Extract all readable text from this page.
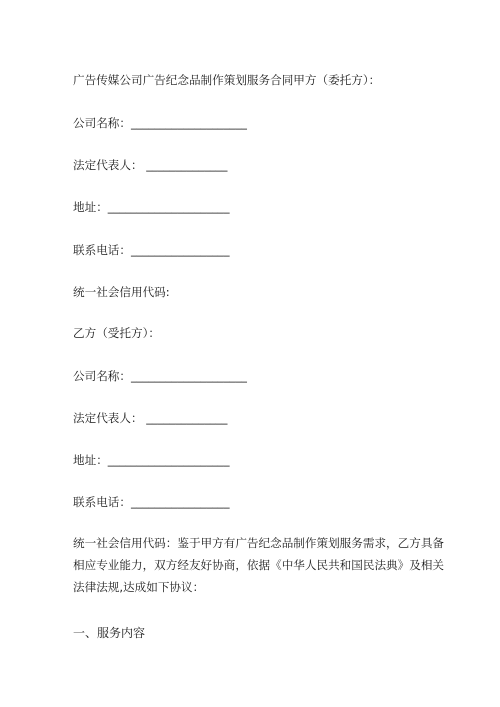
广告传媒公司广告纪念品制作策划服务合同甲方（委托方）：
公司名称：____________________
法定代表人： ______________
地址：_____________________
联系电话：_________________
统一社会信用代码:
乙方（受托方）：
公司名称：____________________
法定代表人： ______________
地址：_____________________
联系电话：_________________
统一社会信用代码：鉴于甲方有广告纪念品制作策划服务需求，乙方具备
相应专业能力，双方经友好协商，依据《中华人民共和国民法典》及相关
法律法规,达成如下协议：
一、服务内容
